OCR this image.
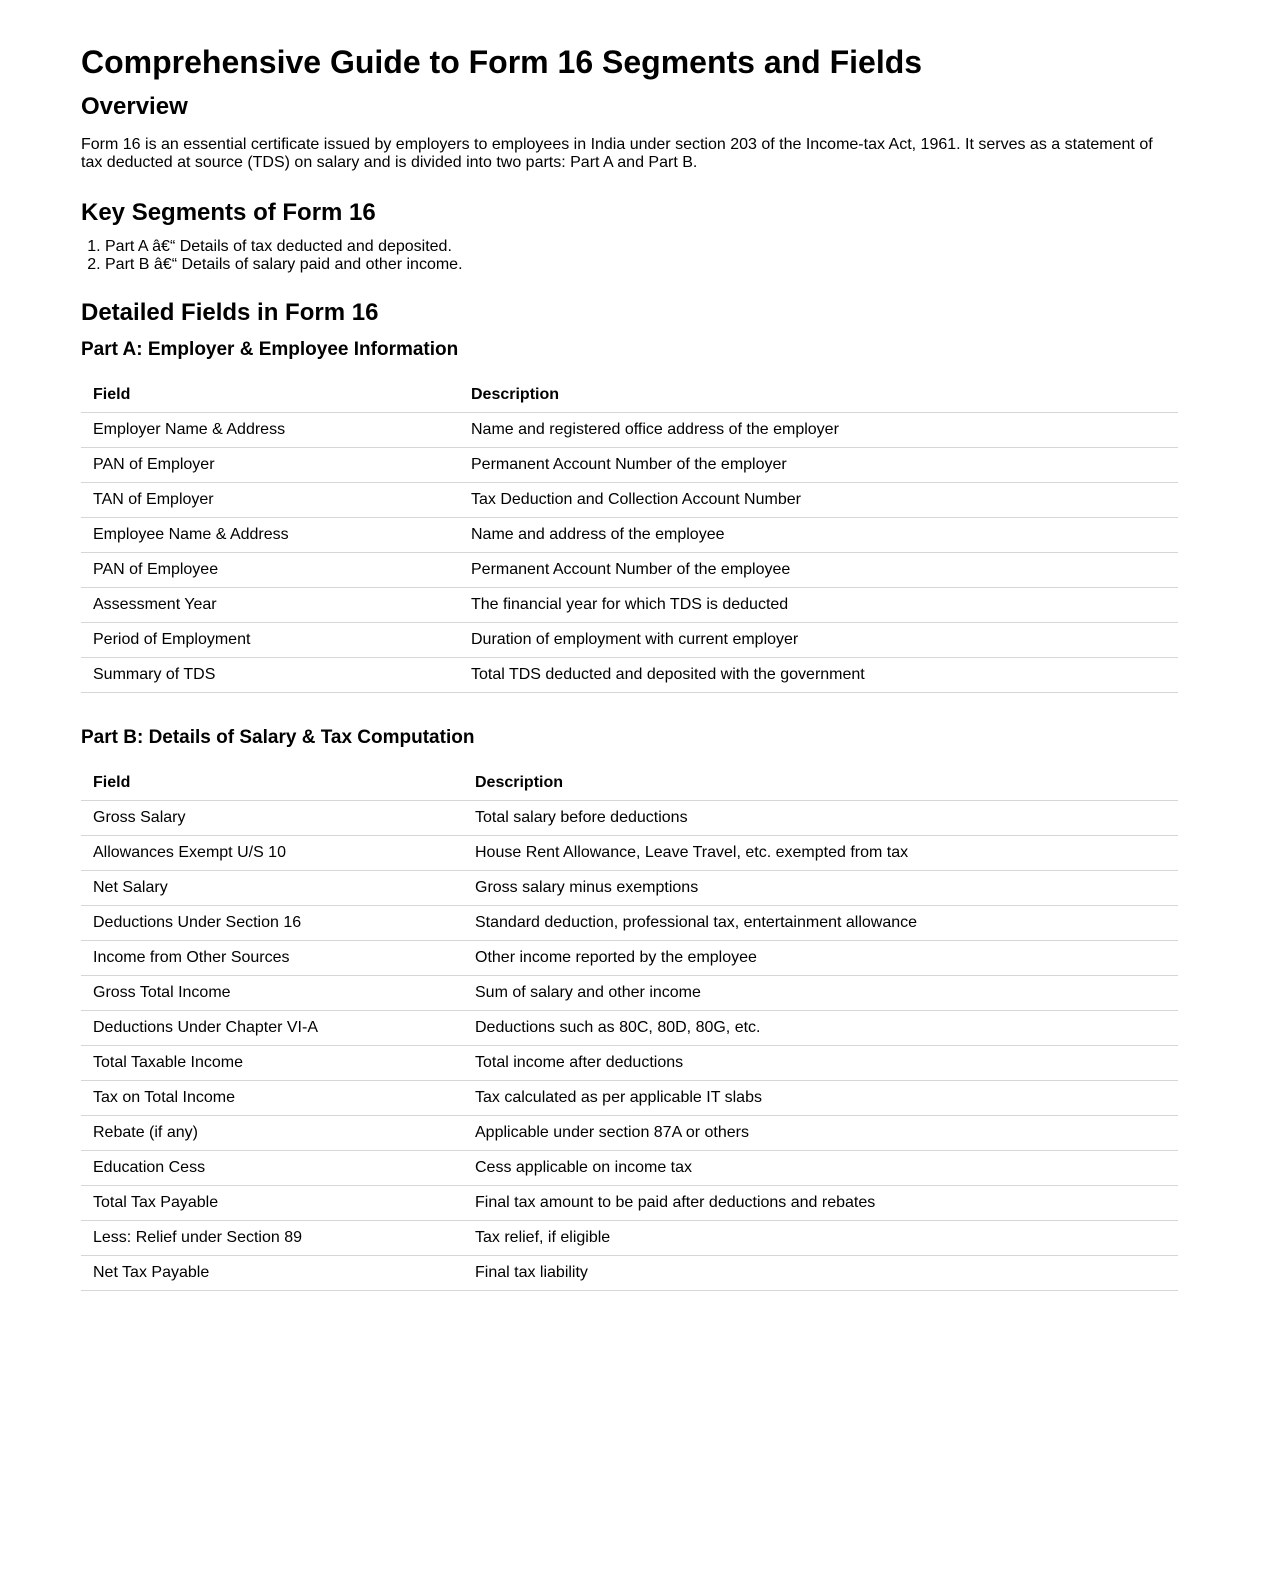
Comprehensive Guide to Form 16 Segments and Fields
Overview

Form 16 is an essential certificate issued by employers to employees in India under section 203 of the Income-tax Act, 1961. It serves as a statement of tax deducted at source (TDS) on salary and is divided into two parts: Part A and Part B.

Key Segments of Form 16
1. Part A â€“ Details of tax deducted and deposited.
2. Part B â€“ Details of salary paid and other income.
Detailed Fields in Form 16
Part A: Employer & Employee Information
Field	Description
Employer Name & Address	Name and registered office address of the employer
PAN of Employer	Permanent Account Number of the employer
TAN of Employer	Tax Deduction and Collection Account Number
Employee Name & Address	Name and address of the employee
PAN of Employee	Permanent Account Number of the employee
Assessment Year	The financial year for which TDS is deducted
Period of Employment	Duration of employment with current employer
Summary of TDS	Total TDS deducted and deposited with the government
Part B: Details of Salary & Tax Computation
Field	Description
Gross Salary	Total salary before deductions
Allowances Exempt U/S 10	House Rent Allowance, Leave Travel, etc. exempted from tax
Net Salary	Gross salary minus exemptions
Deductions Under Section 16	Standard deduction, professional tax, entertainment allowance
Income from Other Sources	Other income reported by the employee
Gross Total Income	Sum of salary and other income
Deductions Under Chapter VI-A	Deductions such as 80C, 80D, 80G, etc.
Total Taxable Income	Total income after deductions
Tax on Total Income	Tax calculated as per applicable IT slabs
Rebate (if any)	Applicable under section 87A or others
Education Cess	Cess applicable on income tax
Total Tax Payable	Final tax amount to be paid after deductions and rebates
Less: Relief under Section 89	Tax relief, if eligible
Net Tax Payable	Final tax liability
